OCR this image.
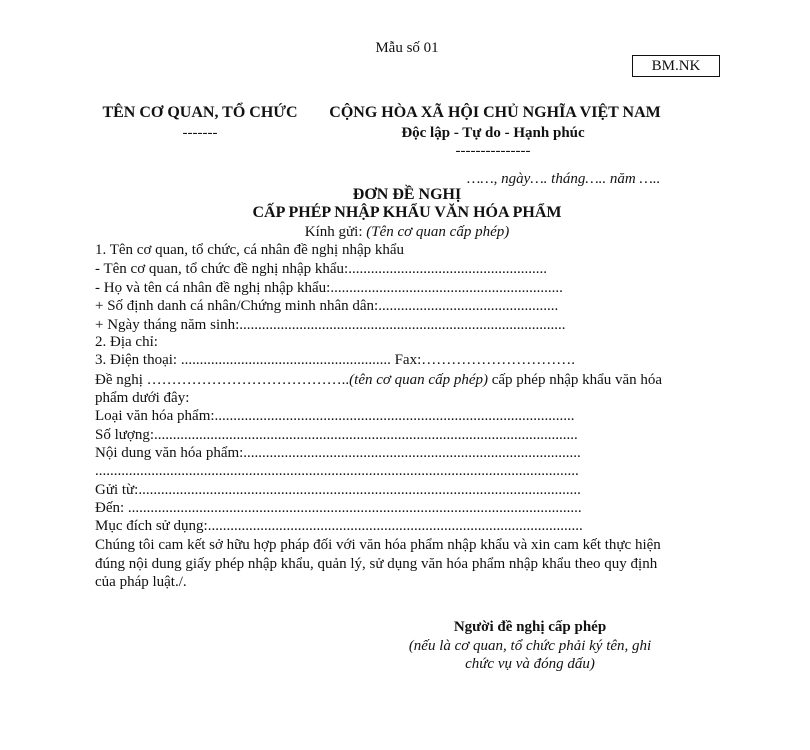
Mẫu số 01
BM.NK
TÊN CƠ QUAN, TỔ CHỨC
-------
CỘNG HÒA XÃ HỘI CHỦ NGHĨA VIỆT NAM
Độc lập - Tự do - Hạnh phúc
---------------
……, ngày…. tháng….. năm …..
ĐƠN ĐỀ NGHỊ
CẤP PHÉP NHẬP KHẨU VĂN HÓA PHẨM
Kính gửi: (Tên cơ quan cấp phép)
1. Tên cơ quan, tổ chức, cá nhân đề nghị nhập khẩu
- Tên cơ quan, tổ chức đề nghị nhập khẩu:.....................................................
- Họ và tên cá nhân đề nghị nhập khẩu:..............................................................
+ Số định danh cá nhân/Chứng minh nhân dân:................................................
+ Ngày tháng năm sinh:.......................................................................................
2. Địa chỉ:
3. Điện thoại: ........................................................ Fax:………………………….
Đề nghị …………………………………..(tên cơ quan cấp phép) cấp phép nhập khẩu văn hóa
phẩm dưới đây:
Loại văn hóa phẩm:................................................................................................
Số lượng:.................................................................................................................
Nội dung văn hóa phẩm:..........................................................................................
.................................................................................................................................
Gửi từ:......................................................................................................................
Đến: .........................................................................................................................
Mục đích sử dụng:....................................................................................................
Chúng tôi cam kết sở hữu hợp pháp đối với văn hóa phẩm nhập khẩu và xin cam kết thực hiện
đúng nội dung giấy phép nhập khẩu, quản lý, sử dụng văn hóa phẩm nhập khẩu theo quy định
của pháp luật./.
Người đề nghị cấp phép
(nếu là cơ quan, tổ chức phải ký tên, ghi
chức vụ và đóng dấu)
